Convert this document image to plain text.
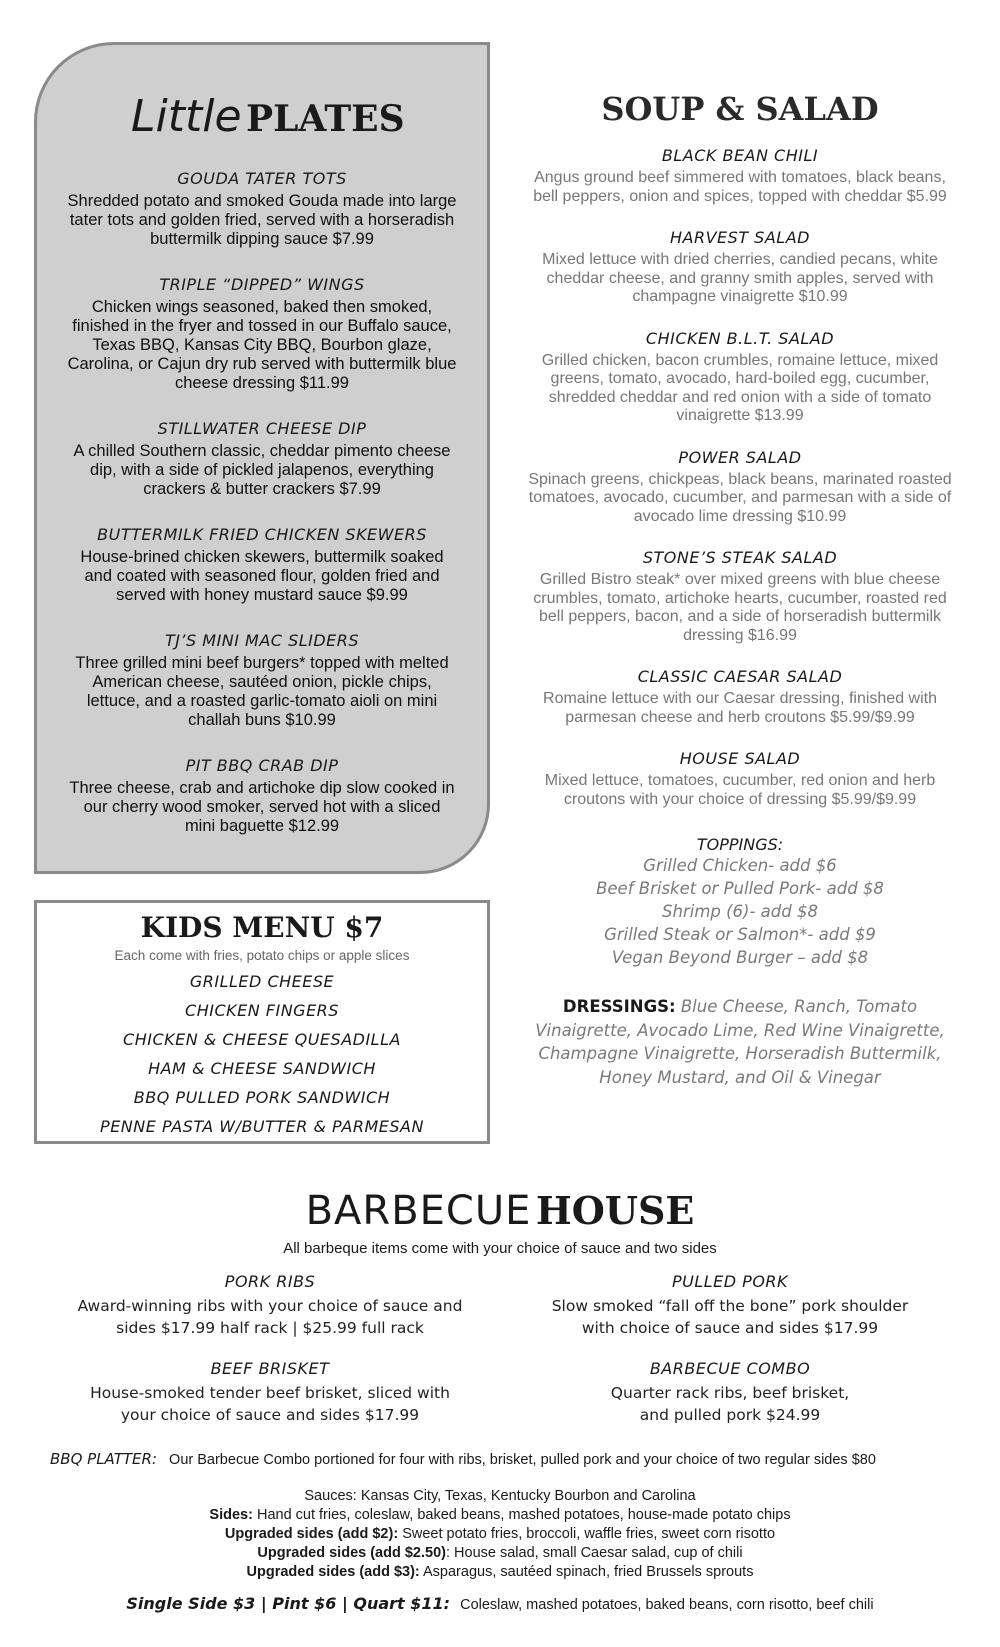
Little PLATES
GOUDA TATER TOTS
Shredded potato and smoked Gouda made into large tater tots and golden fried, served with a horseradish buttermilk dipping sauce $7.99
TRIPLE “DIPPED” WINGS
Chicken wings seasoned, baked then smoked, finished in the fryer and tossed in our Buffalo sauce, Texas BBQ, Kansas City BBQ, Bourbon glaze, Carolina, or Cajun dry rub served with buttermilk blue cheese dressing $11.99
STILLWATER CHEESE DIP
A chilled Southern classic, cheddar pimento cheese dip, with a side of pickled jalapenos, everything crackers & butter crackers $7.99
BUTTERMILK FRIED CHICKEN SKEWERS
House-brined chicken skewers, buttermilk soaked and coated with seasoned flour, golden fried and served with honey mustard sauce $9.99
TJ’S MINI MAC SLIDERS
Three grilled mini beef burgers* topped with melted American cheese, sautéed onion, pickle chips, lettuce, and a roasted garlic-tomato aioli on mini challah buns $10.99
PIT BBQ CRAB DIP
Three cheese, crab and artichoke dip slow cooked in our cherry wood smoker, served hot with a sliced mini baguette $12.99
SOUP & SALAD
BLACK BEAN CHILI
Angus ground beef simmered with tomatoes, black beans, bell peppers, onion and spices, topped with cheddar $5.99
HARVEST SALAD
Mixed lettuce with dried cherries, candied pecans, white cheddar cheese, and granny smith apples, served with champagne vinaigrette $10.99
CHICKEN B.L.T. SALAD
Grilled chicken, bacon crumbles, romaine lettuce, mixed greens, tomato, avocado, hard-boiled egg, cucumber, shredded cheddar and red onion with a side of tomato vinaigrette $13.99
POWER SALAD
Spinach greens, chickpeas, black beans, marinated roasted tomatoes, avocado, cucumber, and parmesan with a side of avocado lime dressing $10.99
STONE’S STEAK SALAD
Grilled Bistro steak* over mixed greens with blue cheese crumbles, tomato, artichoke hearts, cucumber, roasted red bell peppers, bacon, and a side of horseradish buttermilk dressing $16.99
CLASSIC CAESAR SALAD
Romaine lettuce with our Caesar dressing, finished with parmesan cheese and herb croutons $5.99/$9.99
HOUSE SALAD
Mixed lettuce, tomatoes, cucumber, red onion and herb croutons with your choice of dressing $5.99/$9.99
TOPPINGS:
Grilled Chicken- add $6
Beef Brisket or Pulled Pork- add $8
Shrimp (6)- add $8
Grilled Steak or Salmon*- add $9
Vegan Beyond Burger – add $8
DRESSINGS: Blue Cheese, Ranch, Tomato Vinaigrette, Avocado Lime, Red Wine Vinaigrette, Champagne Vinaigrette, Horseradish Buttermilk, Honey Mustard, and Oil & Vinegar
KIDS MENU $7
Each come with fries, potato chips or apple slices
GRILLED CHEESE
CHICKEN FINGERS
CHICKEN & CHEESE QUESADILLA
HAM & CHEESE SANDWICH
BBQ PULLED PORK SANDWICH
PENNE PASTA W/BUTTER & PARMESAN
BARBECUE HOUSE
All barbeque items come with your choice of sauce and two sides
PORK RIBS
Award-winning ribs with your choice of sauce and
sides $17.99 half rack | $25.99 full rack
PULLED PORK
Slow smoked “fall off the bone” pork shoulder
with choice of sauce and sides $17.99
BEEF BRISKET
House-smoked tender beef brisket, sliced with
your choice of sauce and sides $17.99
BARBECUE COMBO
Quarter rack ribs, beef brisket,
and pulled pork $24.99
BBQ PLATTER: Our Barbecue Combo portioned for four with ribs, brisket, pulled pork and your choice of two regular sides $80
Sauces: Kansas City, Texas, Kentucky Bourbon and Carolina
Sides: Hand cut fries, coleslaw, baked beans, mashed potatoes, house-made potato chips
Upgraded sides (add $2): Sweet potato fries, broccoli, waffle fries, sweet corn risotto
Upgraded sides (add $2.50): House salad, small Caesar salad, cup of chili
Upgraded sides (add $3): Asparagus, sautéed spinach, fried Brussels sprouts
Single Side $3 | Pint $6 | Quart $11: Coleslaw, mashed potatoes, baked beans, corn risotto, beef chili
